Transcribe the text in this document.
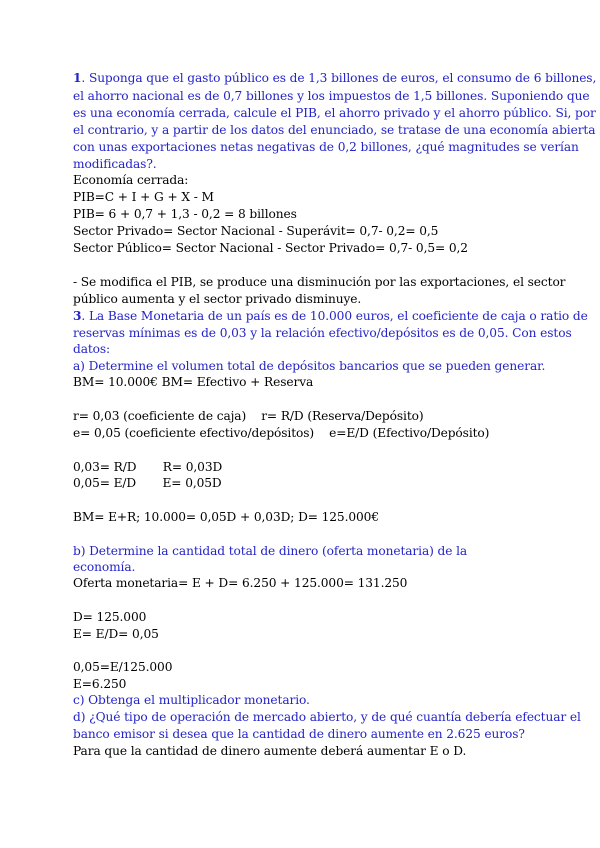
1. Suponga que el gasto público es de 1,3 billones de euros, el consumo de 6 billones,
el ahorro nacional es de 0,7 billones y los impuestos de 1,5 billones. Suponiendo que
es una economía cerrada, calcule el PIB, el ahorro privado y el ahorro público. Si, por
el contrario, y a partir de los datos del enunciado, se tratase de una economía abierta
con unas exportaciones netas negativas de 0,2 billones, ¿qué magnitudes se verían
modificadas?.
Economía cerrada:
PIB=C + I + G + X - M
PIB= 6 + 0,7 + 1,3 - 0,2 = 8 billones
Sector Privado= Sector Nacional - Superávit= 0,7- 0,2= 0,5
Sector Público= Sector Nacional - Sector Privado= 0,7- 0,5= 0,2
- Se modifica el PIB, se produce una disminución por las exportaciones, el sector
público aumenta y el sector privado disminuye.
3. La Base Monetaria de un país es de 10.000 euros, el coeficiente de caja o ratio de
reservas mínimas es de 0,03 y la relación efectivo/depósitos es de 0,05. Con estos
datos:
a) Determine el volumen total de depósitos bancarios que se pueden generar.
BM= 10.000€ BM= Efectivo + Reserva
r= 0,03 (coeficiente de caja)    r= R/D (Reserva/Depósito)
e= 0,05 (coeficiente efectivo/depósitos)    e=E/D (Efectivo/Depósito)
0,03= R/D       R= 0,03D
0,05= E/D       E= 0,05D
BM= E+R; 10.000= 0,05D + 0,03D; D= 125.000€
b) Determine la cantidad total de dinero (oferta monetaria) de la
economía.
Oferta monetaria= E + D= 6.250 + 125.000= 131.250
D= 125.000
E= E/D= 0,05
0,05=E/125.000
E=6.250
c) Obtenga el multiplicador monetario.
d) ¿Qué tipo de operación de mercado abierto, y de qué cuantía debería efectuar el
banco emisor si desea que la cantidad de dinero aumente en 2.625 euros?
Para que la cantidad de dinero aumente deberá aumentar E o D.
